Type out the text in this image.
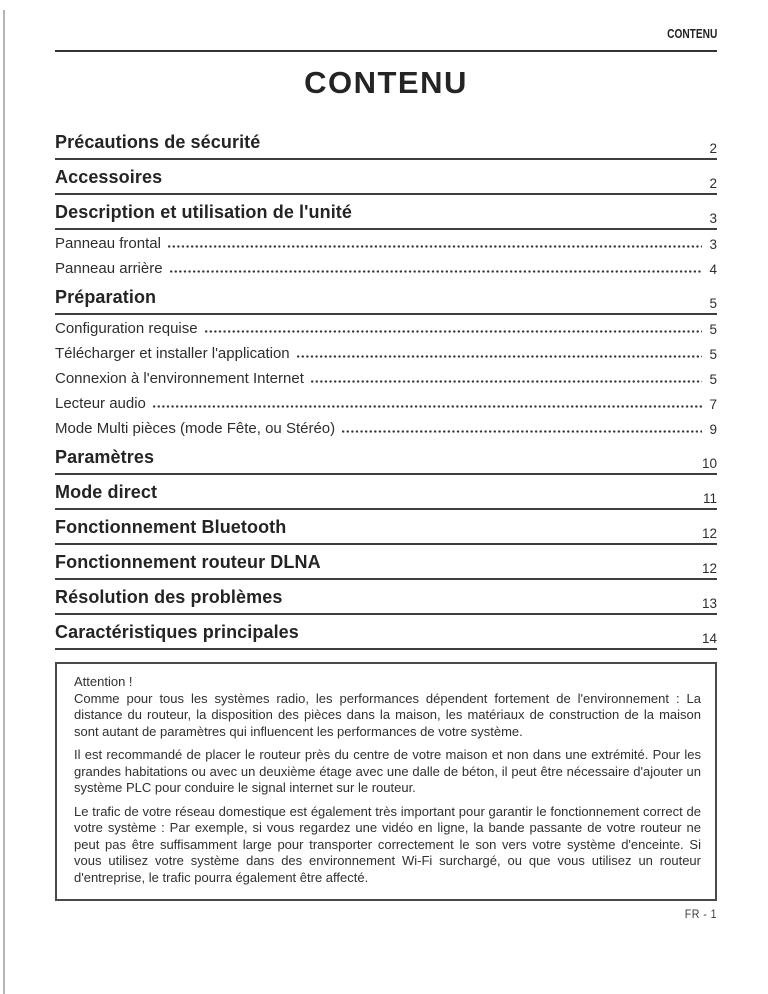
CONTENU
CONTENU
Précautions de sécurité	2
Accessoires	2
Description et utilisation de l'unité	3
Panneau frontal	3
Panneau arrière	4
Préparation	5
Configuration requise	5
Télécharger et installer l'application	5
Connexion à l'environnement Internet	5
Lecteur audio	7
Mode Multi pièces (mode Fête, ou Stéréo)	9
Paramètres	10
Mode direct	11
Fonctionnement Bluetooth	12
Fonctionnement routeur DLNA	12
Résolution des problèmes	13
Caractéristiques principales	14
Attention !

Comme pour tous les systèmes radio, les performances dépendent fortement de l'environnement : La distance du routeur, la disposition des pièces dans la maison, les matériaux de construction de la maison sont autant de paramètres qui influencent les performances de votre système.

Il est recommandé de placer le routeur près du centre de votre maison et non dans une extrémité. Pour les grandes habitations ou avec un deuxième étage avec une dalle de béton, il peut être nécessaire d'ajouter un système PLC pour conduire le signal internet sur le routeur.

Le trafic de votre réseau domestique est également très important pour garantir le fonctionnement correct de votre système : Par exemple, si vous regardez une vidéo en ligne, la bande passante de votre routeur ne peut pas être suffisamment large pour transporter correctement le son vers votre système d'enceinte. Si vous utilisez votre système dans des environnement Wi-Fi surchargé, ou que vous utilisez un routeur d'entreprise, le trafic pourra également être affecté.

FR - 1
